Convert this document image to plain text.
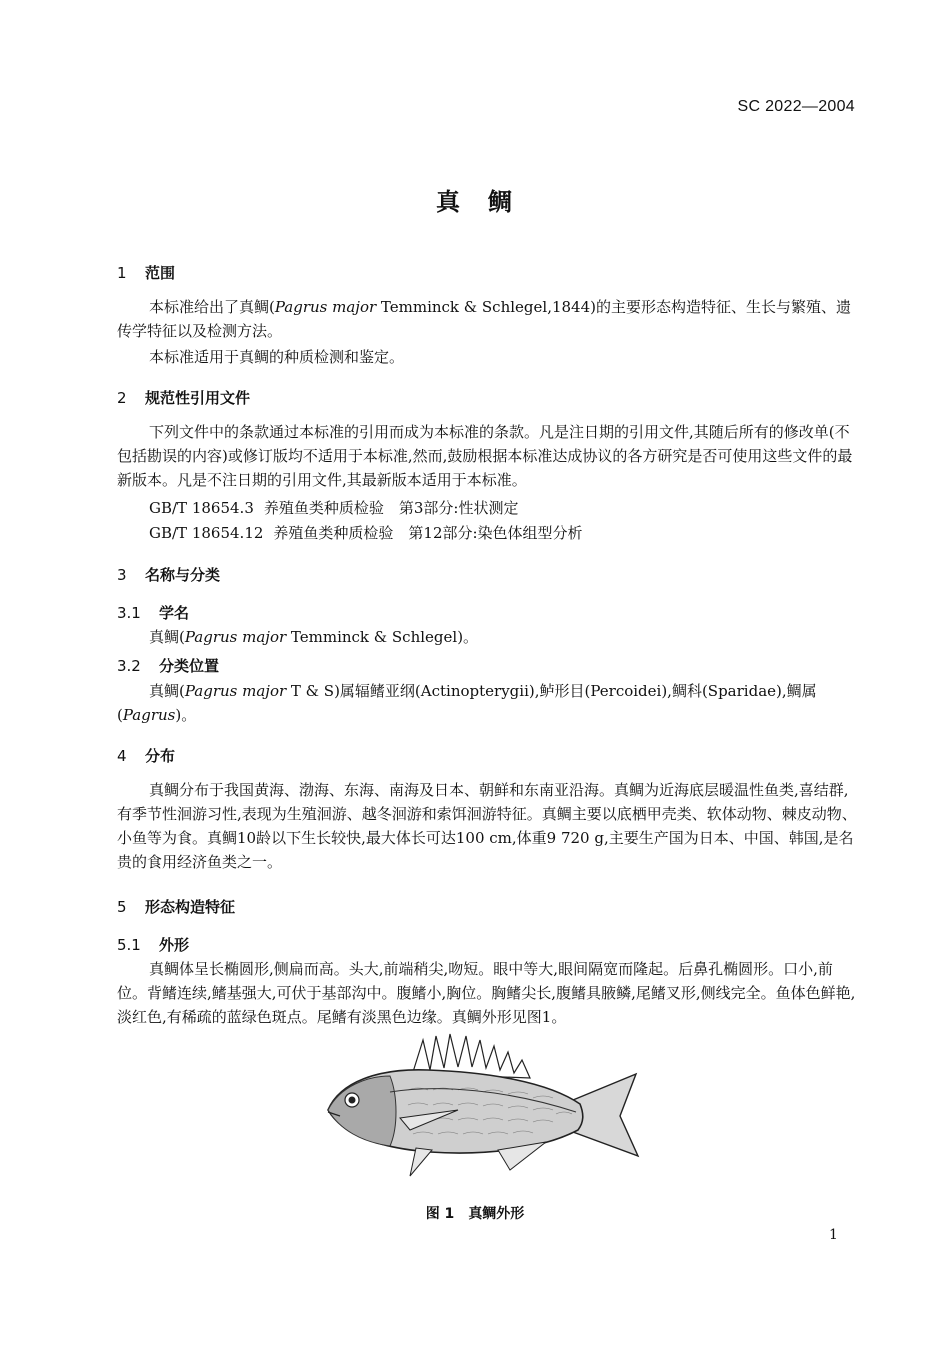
SC 2022—2004
真　鲷
1 范围
本标准给出了真鲷(Pagrus major Temminck & Schlegel,1844)的主要形态构造特征、生长与繁殖、遗传学特征以及检测方法。
本标准适用于真鲷的种质检测和鉴定。
2 规范性引用文件
下列文件中的条款通过本标准的引用而成为本标准的条款。凡是注日期的引用文件,其随后所有的修改单(不包括勘误的内容)或修订版均不适用于本标准,然而,鼓励根据本标准达成协议的各方研究是否可使用这些文件的最新版本。凡是不注日期的引用文件,其最新版本适用于本标准。
GB/T 18654.3 养殖鱼类种质检验　第3部分:性状测定
GB/T 18654.12 养殖鱼类种质检验　第12部分:染色体组型分析
3 名称与分类
3.1 学名
真鲷(Pagrus major Temminck & Schlegel)。
3.2 分类位置
真鲷(Pagrus major T & S)属辐鳍亚纲(Actinopterygii),鲈形目(Percoidei),鲷科(Sparidae),鲷属(Pagrus)。
4 分布
真鲷分布于我国黄海、渤海、东海、南海及日本、朝鲜和东南亚沿海。真鲷为近海底层暖温性鱼类,喜结群,有季节性洄游习性,表现为生殖洄游、越冬洄游和索饵洄游特征。真鲷主要以底栖甲壳类、软体动物、棘皮动物、小鱼等为食。真鲷10龄以下生长较快,最大体长可达100 cm,体重9 720 g,主要生产国为日本、中国、韩国,是名贵的食用经济鱼类之一。
5 形态构造特征
5.1 外形
真鲷体呈长椭圆形,侧扁而高。头大,前端稍尖,吻短。眼中等大,眼间隔宽而隆起。后鼻孔椭圆形。口小,前位。背鳍连续,鳍基强大,可伏于基部沟中。腹鳍小,胸位。胸鳍尖长,腹鳍具腋鳞,尾鳍叉形,侧线完全。鱼体色鲜艳,淡红色,有稀疏的蓝绿色斑点。尾鳍有淡黑色边缘。真鲷外形见图1。
图 1 真鲷外形
1
